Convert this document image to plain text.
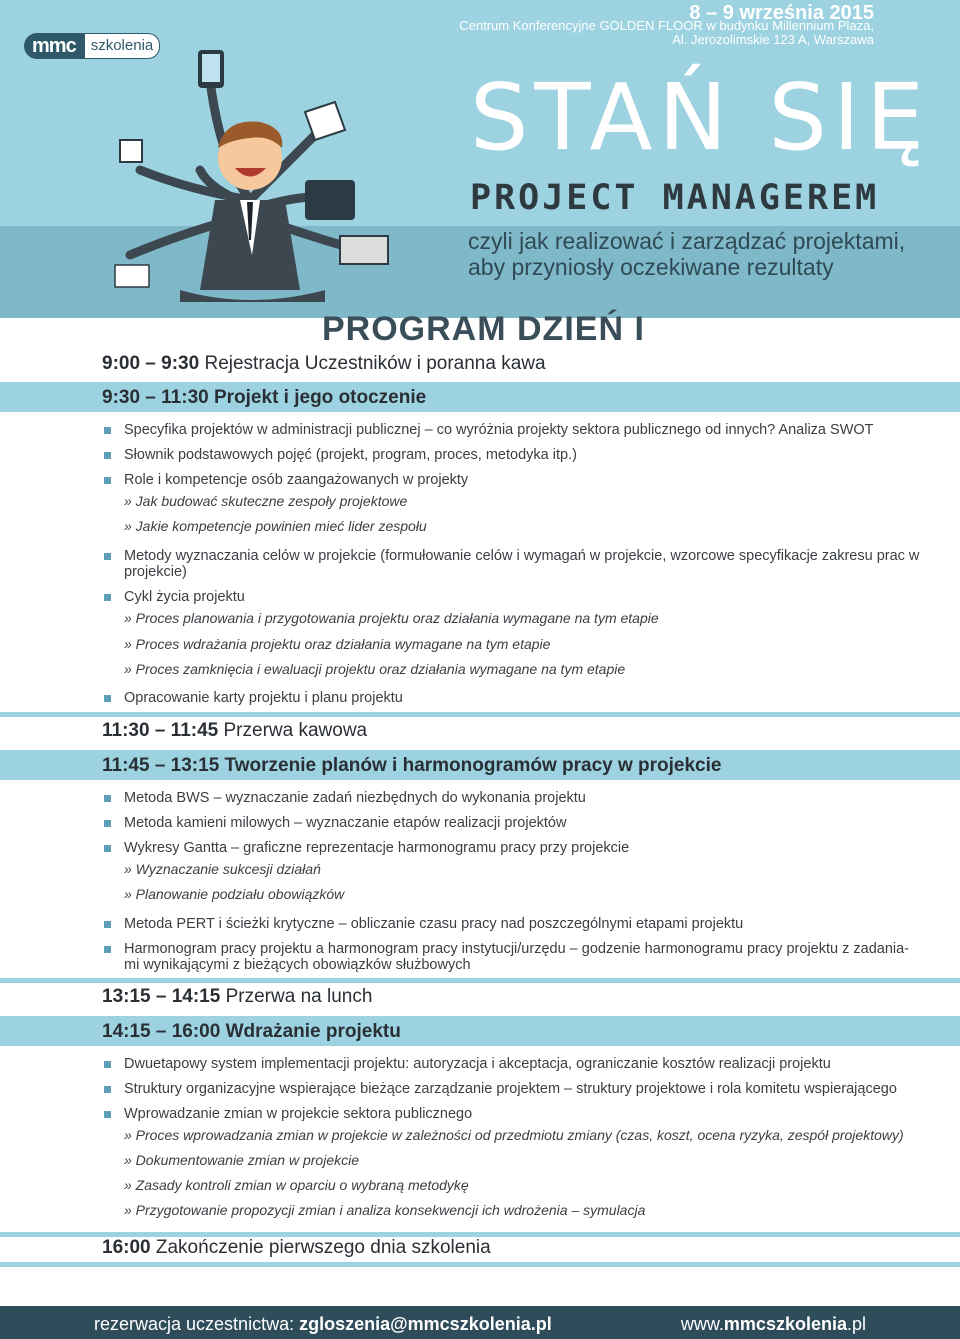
mmc	szkolenia
8 – 9 września 2015
Centrum Konferencyjne GOLDEN FLOOR w budynku Millennium Plaza,
Al. Jerozolimskie 123 A, Warszawa
STAŃ SIĘ
PROJECT MANAGEREM
czyli jak realizować i zarządzać projektami,
aby przyniosły oczekiwane rezultaty
PROGRAM DZIEŃ I
9:00 – 9:30 Rejestracja Uczestników i poranna kawa
9:30 – 11:30 Projekt i jego otoczenie
Specyfika projektów w administracji publicznej – co wyróżnia projekty sektora publicznego od innych? Analiza SWOT
Słownik podstawowych pojęć (projekt, program, proces, metodyka itp.)
Role i kompetencje osób zaangażowanych w projekty
» Jak budować skuteczne zespoły projektowe
» Jakie kompetencje powinien mieć lider zespołu
Metody wyznaczania celów w projekcie (formułowanie celów i wymagań w projekcie, wzorcowe specyfikacje zakresu prac w projekcie)
Cykl życia projektu
» Proces planowania i przygotowania projektu oraz działania wymagane na tym etapie
» Proces wdrażania projektu oraz działania wymagane na tym etapie
» Proces zamknięcia i ewaluacji projektu oraz działania wymagane na tym etapie
Opracowanie karty projektu i planu projektu
11:30 – 11:45 Przerwa kawowa
11:45 – 13:15 Tworzenie planów i harmonogramów pracy w projekcie
Metoda BWS – wyznaczanie zadań niezbędnych do wykonania projektu
Metoda kamieni milowych – wyznaczanie etapów realizacji projektów
Wykresy Gantta – graficzne reprezentacje harmonogramu pracy przy projekcie
» Wyznaczanie sukcesji działań
» Planowanie podziału obowiązków
Metoda PERT i ścieżki krytyczne – obliczanie czasu pracy nad poszczególnymi etapami projektu
Harmonogram pracy projektu a harmonogram pracy instytucji/urzędu – godzenie harmonogramu pracy projektu z zadania-mi wynikającymi z bieżących obowiązków służbowych
13:15 – 14:15 Przerwa na lunch
14:15 – 16:00 Wdrażanie projektu
Dwuetapowy system implementacji projektu: autoryzacja i akceptacja, ograniczanie kosztów realizacji projektu
Struktury organizacyjne wspierające bieżące zarządzanie projektem – struktury projektowe i rola komitetu wspierającego
Wprowadzanie zmian w projekcie sektora publicznego
» Proces wprowadzania zmian w projekcie w zależności od przedmiotu zmiany (czas, koszt, ocena ryzyka, zespół projektowy)
» Dokumentowanie zmian w projekcie
» Zasady kontroli zmian w oparciu o wybraną metodykę
» Przygotowanie propozycji zmian i analiza konsekwencji ich wdrożenia – symulacja
16:00 Zakończenie pierwszego dnia szkolenia
rezerwacja uczestnictwa: zgloszenia@mmcszkolenia.pl	www.mmcszkolenia.pl
